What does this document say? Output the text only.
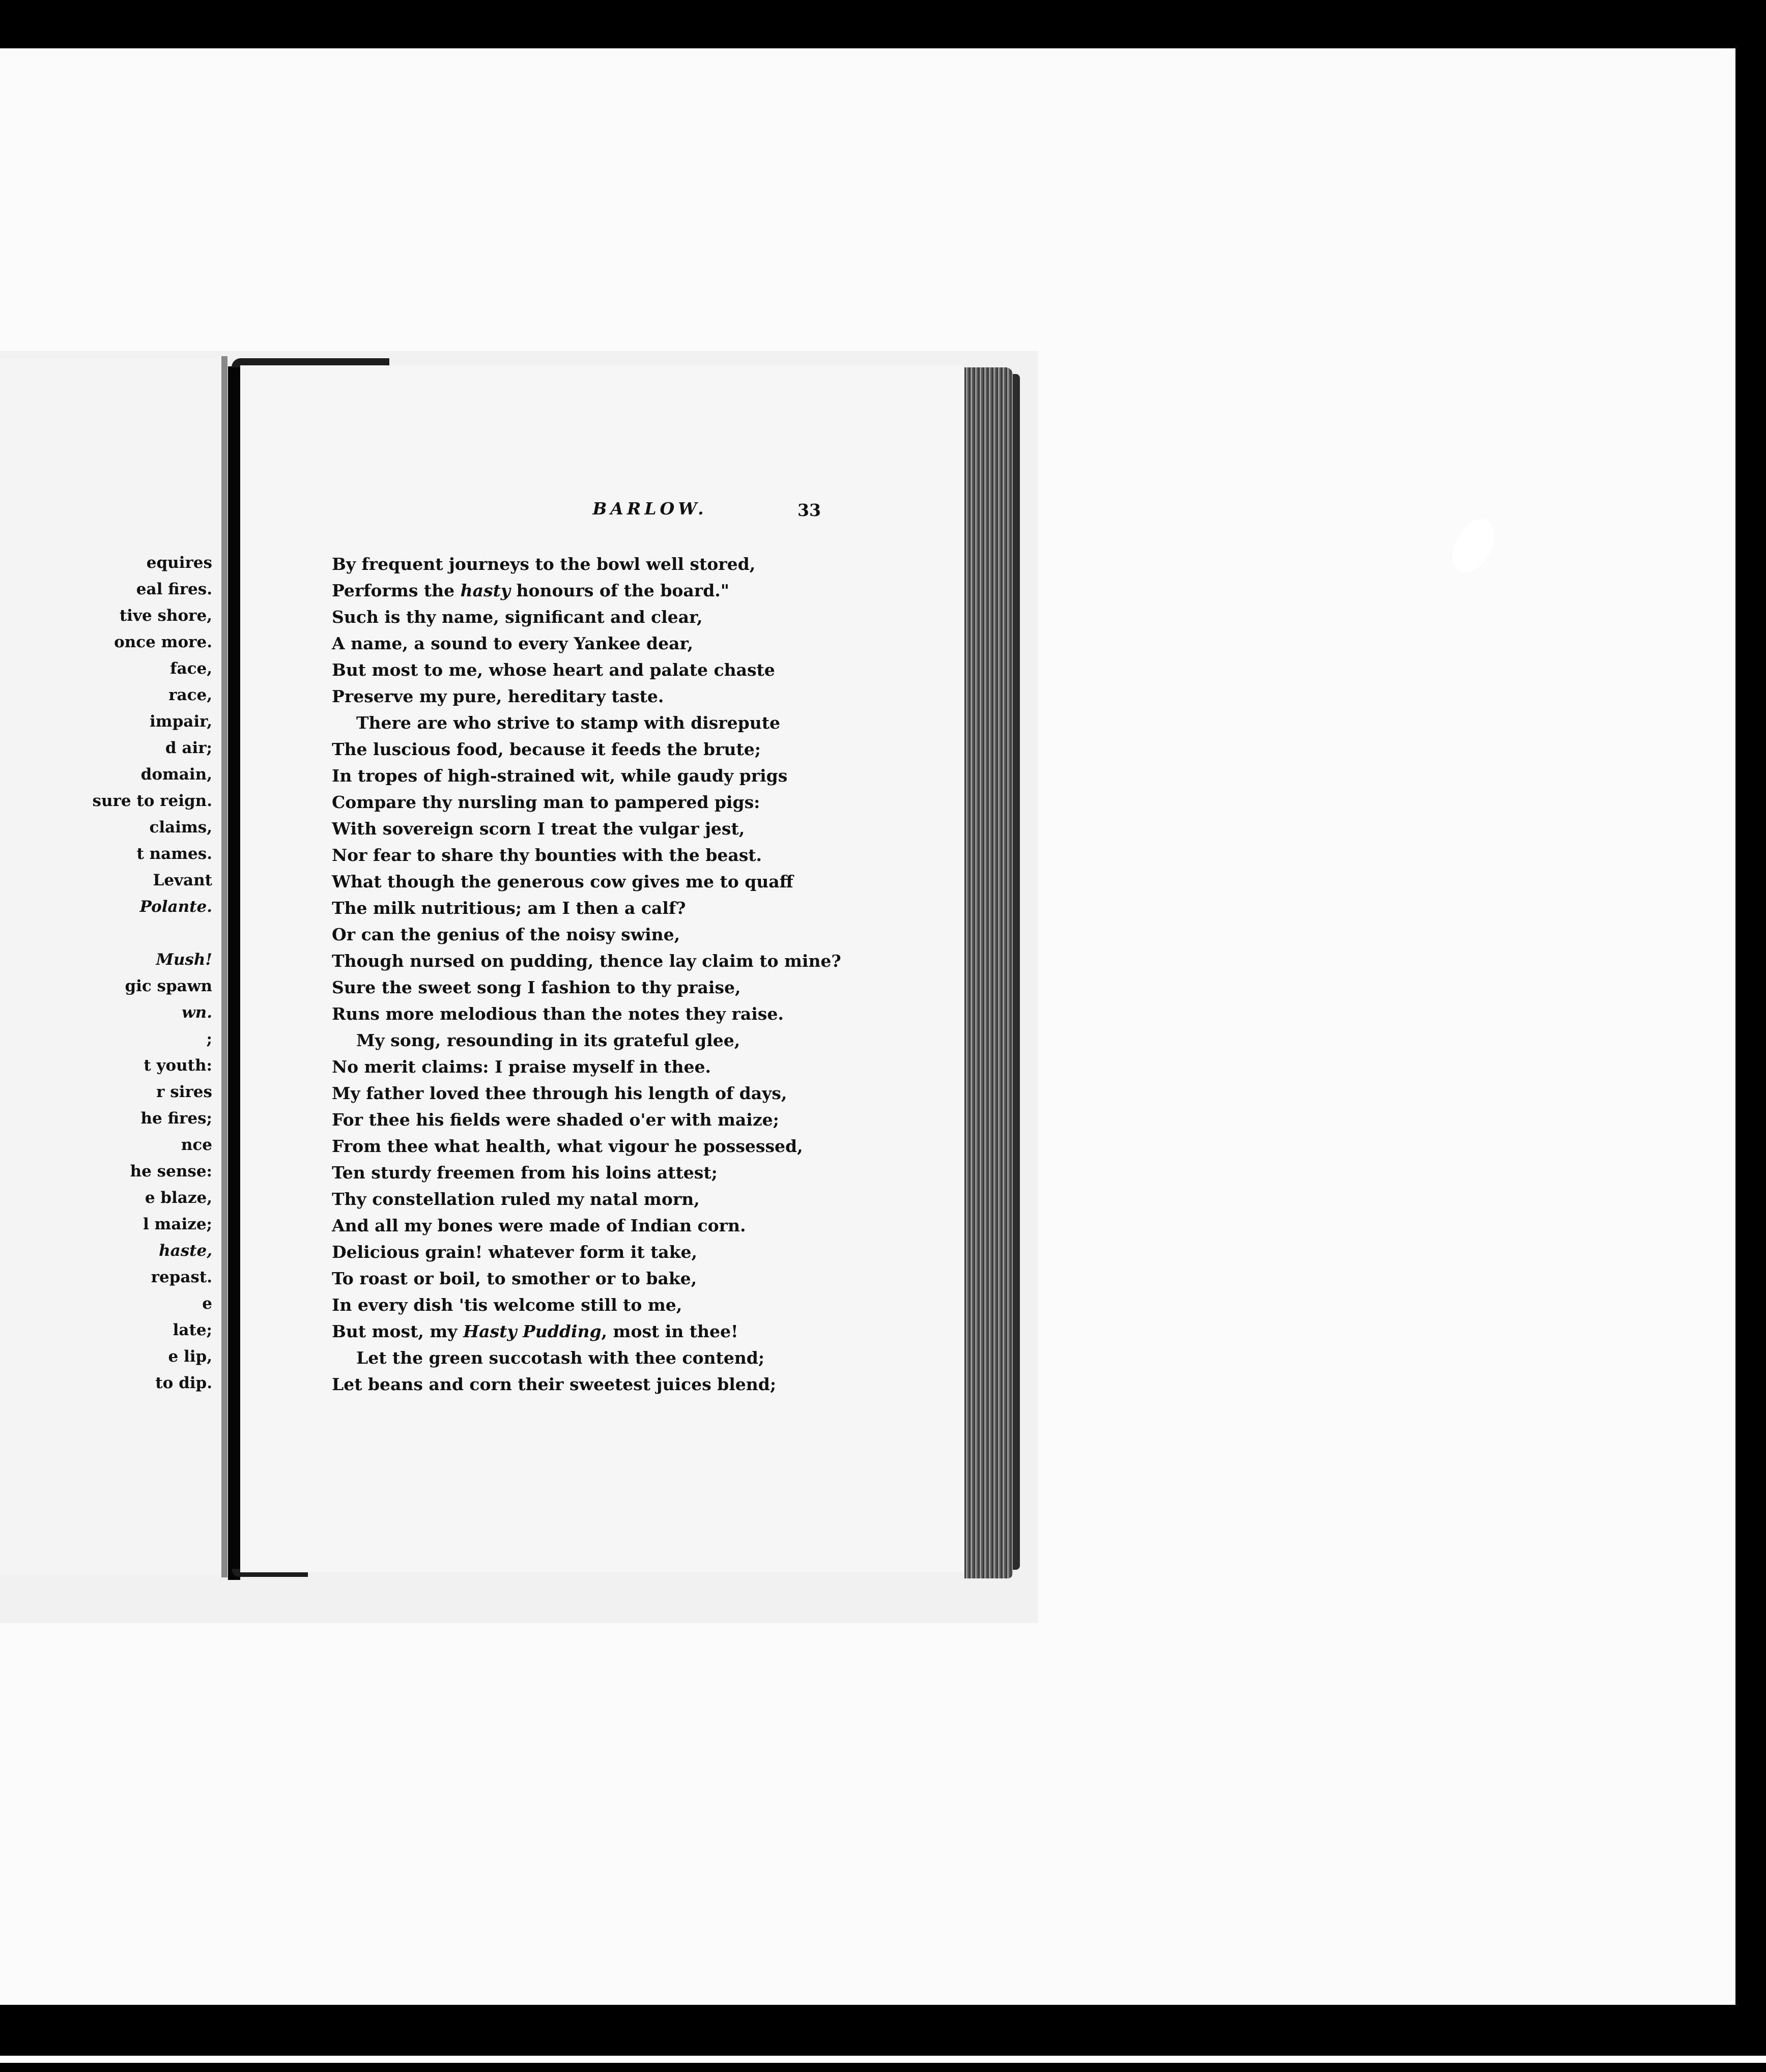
equires
eal fires.
tive shore,
once more.
face,
race,
impair,
d air;
domain,
sure to reign.
claims,
t names.
Levant
Polante.
Mush!
gic spawn
wn.
;
t youth:
r sires
he fires;
nce
he sense:
e blaze,
l maize;
haste,
repast.
e
late;
e lip,
to dip.
BARLOW.	33
By frequent journeys to the bowl well stored,
Performs the hasty honours of the board."
Such is thy name, significant and clear,
A name, a sound to every Yankee dear,
But most to me, whose heart and palate chaste
Preserve my pure, hereditary taste.
There are who strive to stamp with disrepute
The luscious food, because it feeds the brute;
In tropes of high-strained wit, while gaudy prigs
Compare thy nursling man to pampered pigs:
With sovereign scorn I treat the vulgar jest,
Nor fear to share thy bounties with the beast.
What though the generous cow gives me to quaff
The milk nutritious; am I then a calf?
Or can the genius of the noisy swine,
Though nursed on pudding, thence lay claim to mine?
Sure the sweet song I fashion to thy praise,
Runs more melodious than the notes they raise.
My song, resounding in its grateful glee,
No merit claims: I praise myself in thee.
My father loved thee through his length of days,
For thee his fields were shaded o'er with maize;
From thee what health, what vigour he possessed,
Ten sturdy freemen from his loins attest;
Thy constellation ruled my natal morn,
And all my bones were made of Indian corn.
Delicious grain! whatever form it take,
To roast or boil, to smother or to bake,
In every dish 'tis welcome still to me,
But most, my Hasty Pudding, most in thee!
Let the green succotash with thee contend;
Let beans and corn their sweetest juices blend;
